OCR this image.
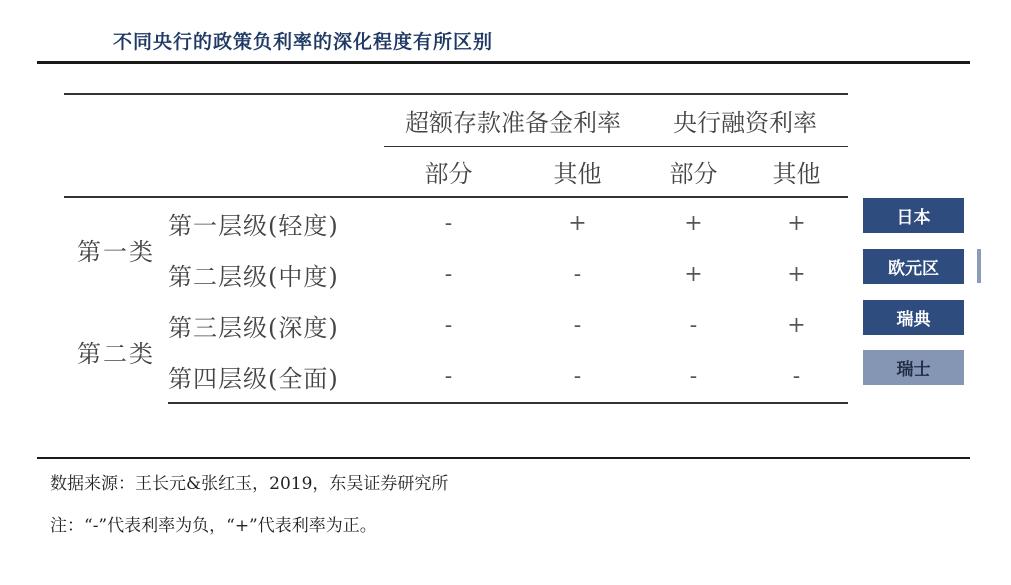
不同央行的政策负利率的深化程度有所区别
		超额存款准备金利率		央行融资利率	
		部分	其他	部分	其他
第一类	第一层级(轻度)	-	+	+	+
	第二层级(中度)	-	-	+	+
第二类	第三层级(深度)	-	-	-	+
	第四层级(全面)	-	-	-	-
日本
欧元区
瑞典
瑞士
数据来源：王长元&张红玉，2019，东吴证券研究所
注：“-”代表利率为负，“+”代表利率为正。
